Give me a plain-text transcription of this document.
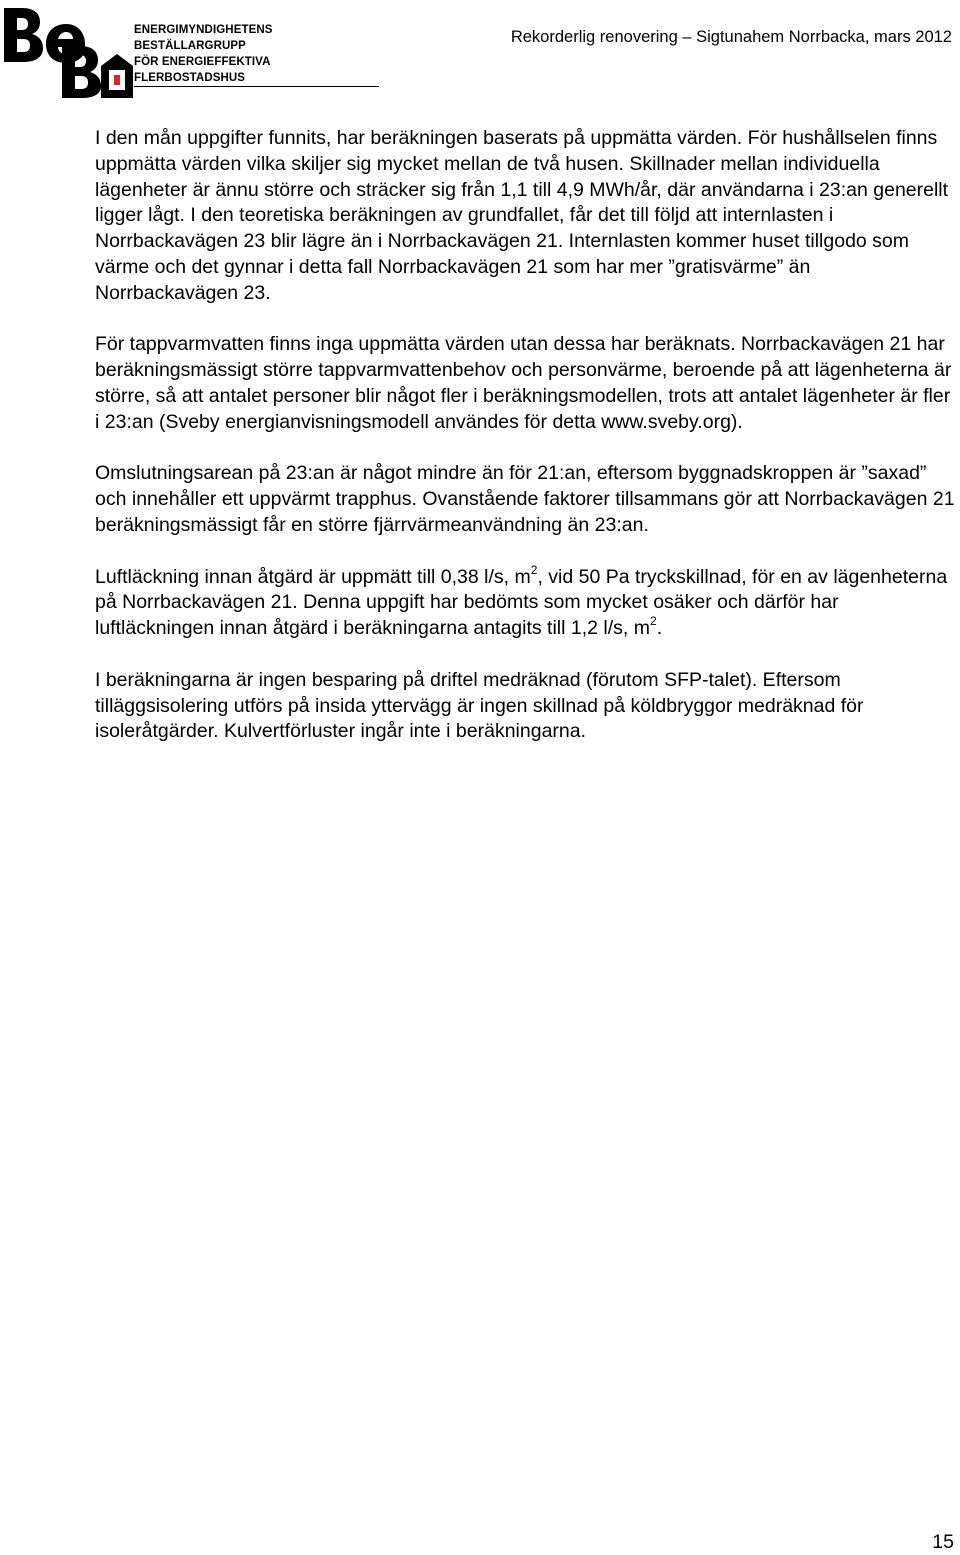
ENERGIMYNDIGHETENS BESTÄLLARGRUPP
FÖR ENERGIEFFEKTIVA FLERBOSTADSHUS
Rekorderlig renovering – Sigtunahem Norrbacka, mars 2012

I den mån uppgifter funnits, har beräkningen baserats på uppmätta värden. För hushållselen finns uppmätta värden vilka skiljer sig mycket mellan de två husen. Skillnader mellan individuella lägenheter är ännu större och sträcker sig från 1,1 till 4,9 MWh/år, där användarna i 23:an generellt ligger lågt. I den teoretiska beräkningen av grundfallet, får det till följd att internlasten i Norrbackavägen 23 blir lägre än i Norrbackavägen 21. Internlasten kommer huset tillgodo som värme och det gynnar i detta fall Norrbackavägen 21 som har mer ”gratisvärme” än Norrbackavägen 23.

För tappvarmvatten finns inga uppmätta värden utan dessa har beräknats. Norrbackavägen 21 har beräkningsmässigt större tappvarmvattenbehov och personvärme, beroende på att lägenheterna är större, så att antalet personer blir något fler i beräkningsmodellen, trots att antalet lägenheter är fler i 23:an (Sveby energianvisningsmodell användes för detta www.sveby.org).

Omslutningsarean på 23:an är något mindre än för 21:an, eftersom byggnadskroppen är ”saxad” och innehåller ett uppvärmt trapphus. Ovanstående faktorer tillsammans gör att Norrbackavägen 21 beräkningsmässigt får en större fjärrvärmeanvändning än 23:an.

Luftläckning innan åtgärd är uppmätt till 0,38 l/s, $m^2$, vid 50 Pa tryckskillnad, för en av lägenheterna på Norrbackavägen 21. Denna uppgift har bedömts som mycket osäker och därför har luftläckningen innan åtgärd i beräkningarna antagits till 1,2 l/s, $m^2$.

I beräkningarna är ingen besparing på driftel medräknad (förutom SFP-talet). Eftersom tilläggsisolering utförs på insida yttervägg är ingen skillnad på köldbryggor medräknad för isoleråtgärder. Kulvertförluster ingår inte i beräkningarna.

15
